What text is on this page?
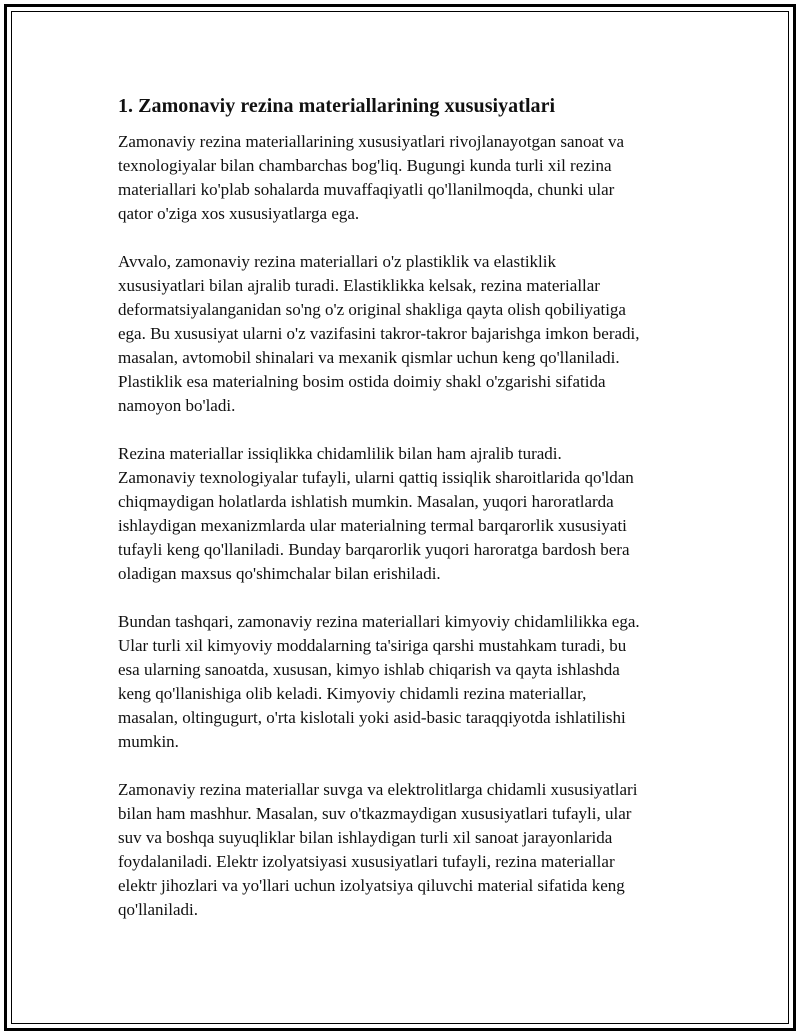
1. Zamonaviy rezina materiallarining xususiyatlari

Zamonaviy rezina materiallarining xususiyatlari rivojlanayotgan sanoat va
texnologiyalar bilan chambarchas bog'liq. Bugungi kunda turli xil rezina
materiallari ko'plab sohalarda muvaffaqiyatli qo'llanilmoqda, chunki ular
qator o'ziga xos xususiyatlarga ega.

Avvalo, zamonaviy rezina materiallari o'z plastiklik va elastiklik
xususiyatlari bilan ajralib turadi. Elastiklikka kelsak, rezina materiallar
deformatsiyalanganidan so'ng o'z original shakliga qayta olish qobiliyatiga
ega. Bu xususiyat ularni o'z vazifasini takror-takror bajarishga imkon beradi,
masalan, avtomobil shinalari va mexanik qismlar uchun keng qo'llaniladi.
Plastiklik esa materialning bosim ostida doimiy shakl o'zgarishi sifatida
namoyon bo'ladi.

Rezina materiallar issiqlikka chidamlilik bilan ham ajralib turadi.
Zamonaviy texnologiyalar tufayli, ularni qattiq issiqlik sharoitlarida qo'ldan
chiqmaydigan holatlarda ishlatish mumkin. Masalan, yuqori haroratlarda
ishlaydigan mexanizmlarda ular materialning termal barqarorlik xususiyati
tufayli keng qo'llaniladi. Bunday barqarorlik yuqori haroratga bardosh bera
oladigan maxsus qo'shimchalar bilan erishiladi.

Bundan tashqari, zamonaviy rezina materiallari kimyoviy chidamlilikka ega.
Ular turli xil kimyoviy moddalarning ta'siriga qarshi mustahkam turadi, bu
esa ularning sanoatda, xususan, kimyo ishlab chiqarish va qayta ishlashda
keng qo'llanishiga olib keladi. Kimyoviy chidamli rezina materiallar,
masalan, oltingugurt, o'rta kislotali yoki asid-basic taraqqiyotda ishlatilishi
mumkin.

Zamonaviy rezina materiallar suvga va elektrolitlarga chidamli xususiyatlari
bilan ham mashhur. Masalan, suv o'tkazmaydigan xususiyatlari tufayli, ular
suv va boshqa suyuqliklar bilan ishlaydigan turli xil sanoat jarayonlarida
foydalaniladi. Elektr izolyatsiyasi xususiyatlari tufayli, rezina materiallar
elektr jihozlari va yo'llari uchun izolyatsiya qiluvchi material sifatida keng
qo'llaniladi.
